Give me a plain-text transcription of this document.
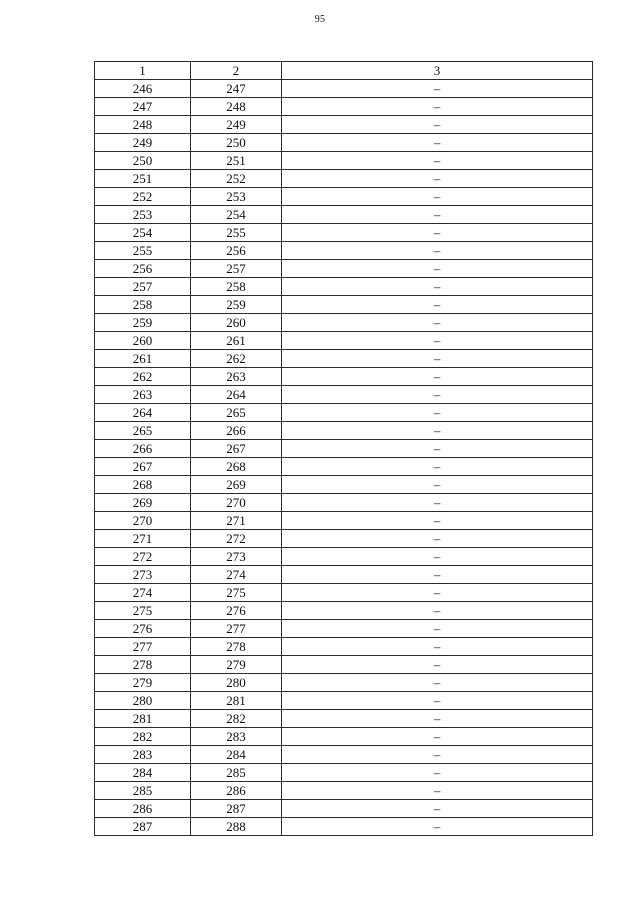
95
1	2	3
246	247	–
247	248	–
248	249	–
249	250	–
250	251	–
251	252	–
252	253	–
253	254	–
254	255	–
255	256	–
256	257	–
257	258	–
258	259	–
259	260	–
260	261	–
261	262	–
262	263	–
263	264	–
264	265	–
265	266	–
266	267	–
267	268	–
268	269	–
269	270	–
270	271	–
271	272	–
272	273	–
273	274	–
274	275	–
275	276	–
276	277	–
277	278	–
278	279	–
279	280	–
280	281	–
281	282	–
282	283	–
283	284	–
284	285	–
285	286	–
286	287	–
287	288	–
